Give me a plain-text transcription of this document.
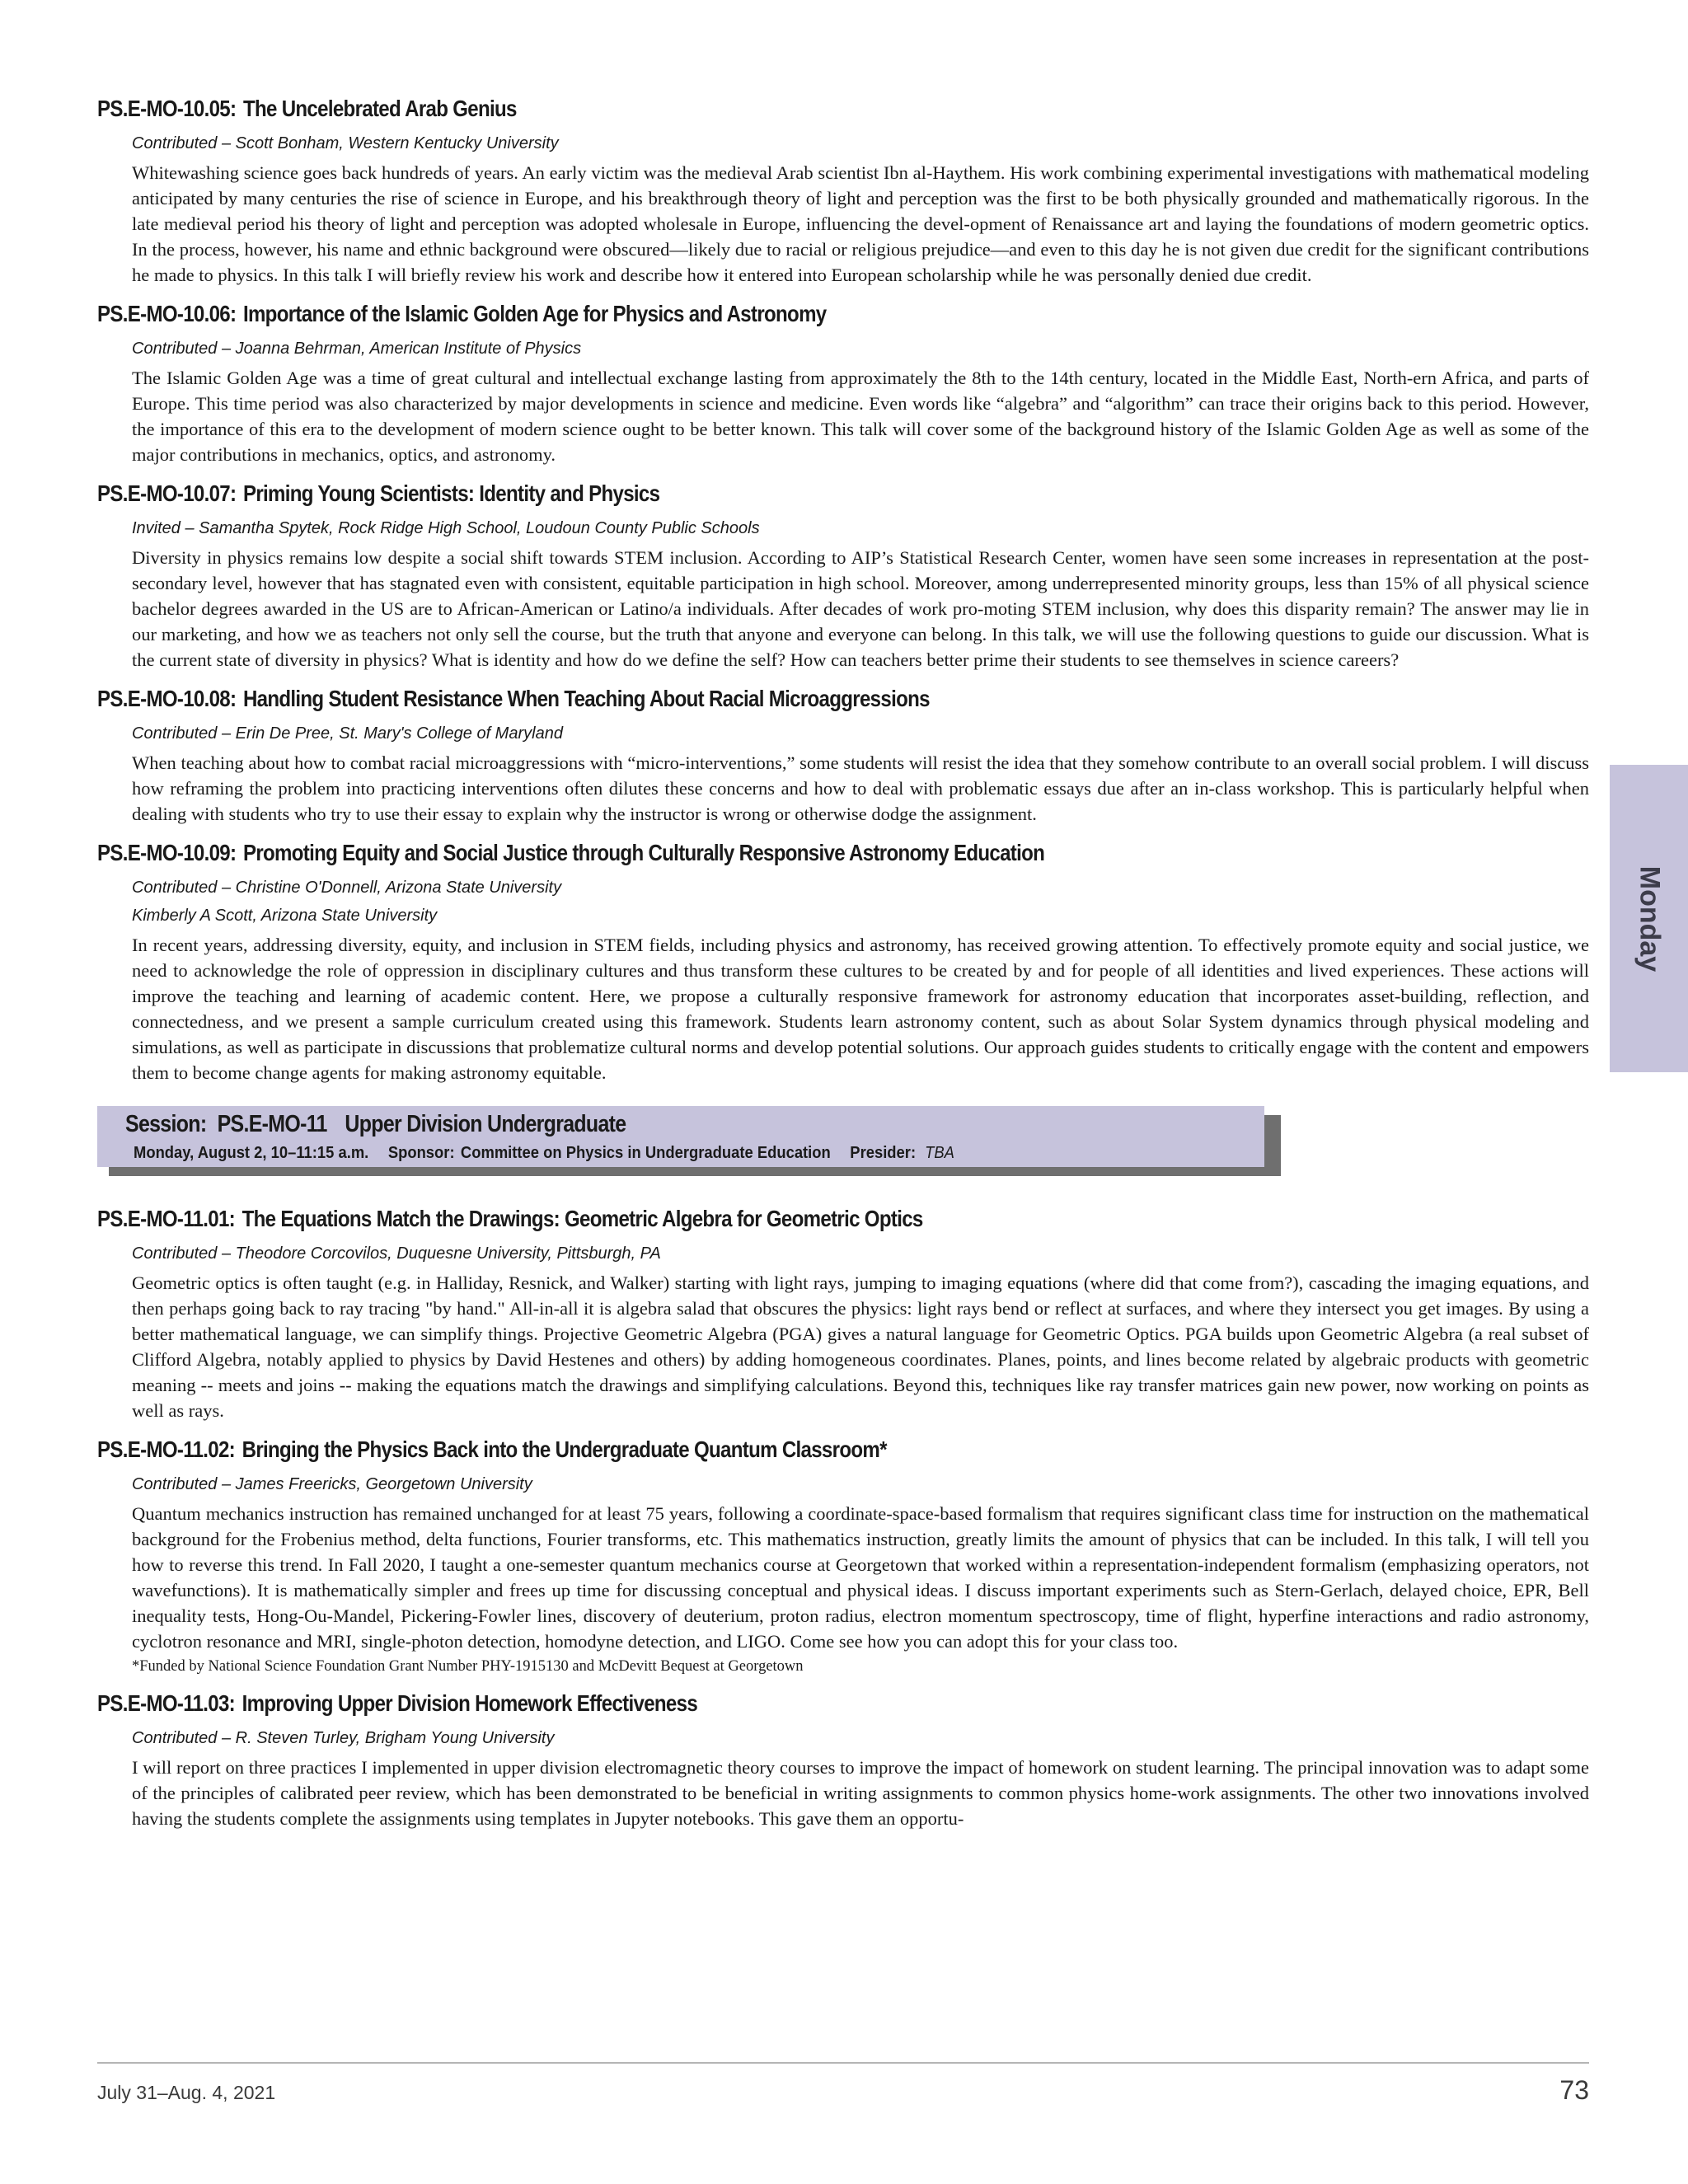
PS.E-MO-10.05: The Uncelebrated Arab Genius
Contributed – Scott Bonham, Western Kentucky University

Whitewashing science goes back hundreds of years. An early victim was the medieval Arab scientist Ibn al-Haythem. His work combining experimental investigations with mathematical modeling anticipated by many centuries the rise of science in Europe, and his breakthrough theory of light and perception was the first to be both physically grounded and mathematically rigorous. In the late medieval period his theory of light and perception was adopted wholesale in Europe, influencing the devel-opment of Renaissance art and laying the foundations of modern geometric optics. In the process, however, his name and ethnic background were obscured—likely due to racial or religious prejudice—and even to this day he is not given due credit for the significant contributions he made to physics. In this talk I will briefly review his work and describe how it entered into European scholarship while he was personally denied due credit.

PS.E-MO-10.06: Importance of the Islamic Golden Age for Physics and Astronomy
Contributed – Joanna Behrman, American Institute of Physics

The Islamic Golden Age was a time of great cultural and intellectual exchange lasting from approximately the 8th to the 14th century, located in the Middle East, North-ern Africa, and parts of Europe. This time period was also characterized by major developments in science and medicine. Even words like “algebra” and “algorithm” can trace their origins back to this period. However, the importance of this era to the development of modern science ought to be better known. This talk will cover some of the background history of the Islamic Golden Age as well as some of the major contributions in mechanics, optics, and astronomy.

PS.E-MO-10.07: Priming Young Scientists: Identity and Physics
Invited – Samantha Spytek, Rock Ridge High School, Loudoun County Public Schools

Diversity in physics remains low despite a social shift towards STEM inclusion. According to AIP’s Statistical Research Center, women have seen some increases in representation at the post-secondary level, however that has stagnated even with consistent, equitable participation in high school. Moreover, among underrepresented minority groups, less than 15% of all physical science bachelor degrees awarded in the US are to African-American or Latino/a individuals. After decades of work pro-moting STEM inclusion, why does this disparity remain? The answer may lie in our marketing, and how we as teachers not only sell the course, but the truth that anyone and everyone can belong. In this talk, we will use the following questions to guide our discussion. What is the current state of diversity in physics? What is identity and how do we define the self? How can teachers better prime their students to see themselves in science careers?

PS.E-MO-10.08: Handling Student Resistance When Teaching About Racial Microaggressions
Contributed – Erin De Pree, St. Mary's College of Maryland

When teaching about how to combat racial microaggressions with “micro-interventions,” some students will resist the idea that they somehow contribute to an overall social problem. I will discuss how reframing the problem into practicing interventions often dilutes these concerns and how to deal with problematic essays due after an in-class workshop. This is particularly helpful when dealing with students who try to use their essay to explain why the instructor is wrong or otherwise dodge the assignment.

PS.E-MO-10.09: Promoting Equity and Social Justice through Culturally Responsive Astronomy Education
Contributed – Christine O'Donnell, Arizona State University
Kimberly A Scott, Arizona State University

In recent years, addressing diversity, equity, and inclusion in STEM fields, including physics and astronomy, has received growing attention. To effectively promote equity and social justice, we need to acknowledge the role of oppression in disciplinary cultures and thus transform these cultures to be created by and for people of all identities and lived experiences. These actions will improve the teaching and learning of academic content. Here, we propose a culturally responsive framework for astronomy education that incorporates asset-building, reflection, and connectedness, and we present a sample curriculum created using this framework. Students learn astronomy content, such as about Solar System dynamics through physical modeling and simulations, as well as participate in discussions that problematize cultural norms and develop potential solutions. Our approach guides students to critically engage with the content and empowers them to become change agents for making astronomy equitable.

Session: PS.E-MO-11 Upper Division Undergraduate
Monday, August 2, 10–11:15 a.m. Sponsor: Committee on Physics in Undergraduate Education Presider: TBA
PS.E-MO-11.01: The Equations Match the Drawings: Geometric Algebra for Geometric Optics
Contributed – Theodore Corcovilos, Duquesne University, Pittsburgh, PA

Geometric optics is often taught (e.g. in Halliday, Resnick, and Walker) starting with light rays, jumping to imaging equations (where did that come from?), cascading the imaging equations, and then perhaps going back to ray tracing "by hand." All-in-all it is algebra salad that obscures the physics: light rays bend or reflect at surfaces, and where they intersect you get images. By using a better mathematical language, we can simplify things. Projective Geometric Algebra (PGA) gives a natural language for Geometric Optics. PGA builds upon Geometric Algebra (a real subset of Clifford Algebra, notably applied to physics by David Hestenes and others) by adding homogeneous coordinates. Planes, points, and lines become related by algebraic products with geometric meaning -- meets and joins -- making the equations match the drawings and simplifying calculations. Beyond this, techniques like ray transfer matrices gain new power, now working on points as well as rays.

PS.E-MO-11.02: Bringing the Physics Back into the Undergraduate Quantum Classroom*
Contributed – James Freericks, Georgetown University

Quantum mechanics instruction has remained unchanged for at least 75 years, following a coordinate-space-based formalism that requires significant class time for instruction on the mathematical background for the Frobenius method, delta functions, Fourier transforms, etc. This mathematics instruction, greatly limits the amount of physics that can be included. In this talk, I will tell you how to reverse this trend. In Fall 2020, I taught a one-semester quantum mechanics course at Georgetown that worked within a representation-independent formalism (emphasizing operators, not wavefunctions). It is mathematically simpler and frees up time for discussing conceptual and physical ideas. I discuss important experiments such as Stern-Gerlach, delayed choice, EPR, Bell inequality tests, Hong-Ou-Mandel, Pickering-Fowler lines, discovery of deuterium, proton radius, electron momentum spectroscopy, time of flight, hyperfine interactions and radio astronomy, cyclotron resonance and MRI, single-photon detection, homodyne detection, and LIGO. Come see how you can adopt this for your class too.

*Funded by National Science Foundation Grant Number PHY-1915130 and McDevitt Bequest at Georgetown

PS.E-MO-11.03: Improving Upper Division Homework Effectiveness
Contributed – R. Steven Turley, Brigham Young University

I will report on three practices I implemented in upper division electromagnetic theory courses to improve the impact of homework on student learning. The principal innovation was to adapt some of the principles of calibrated peer review, which has been demonstrated to be beneficial in writing assignments to common physics home-work assignments. The other two innovations involved having the students complete the assignments using templates in Jupyter notebooks. This gave them an opportu-

Monday
July 31–Aug. 4, 2021	73
